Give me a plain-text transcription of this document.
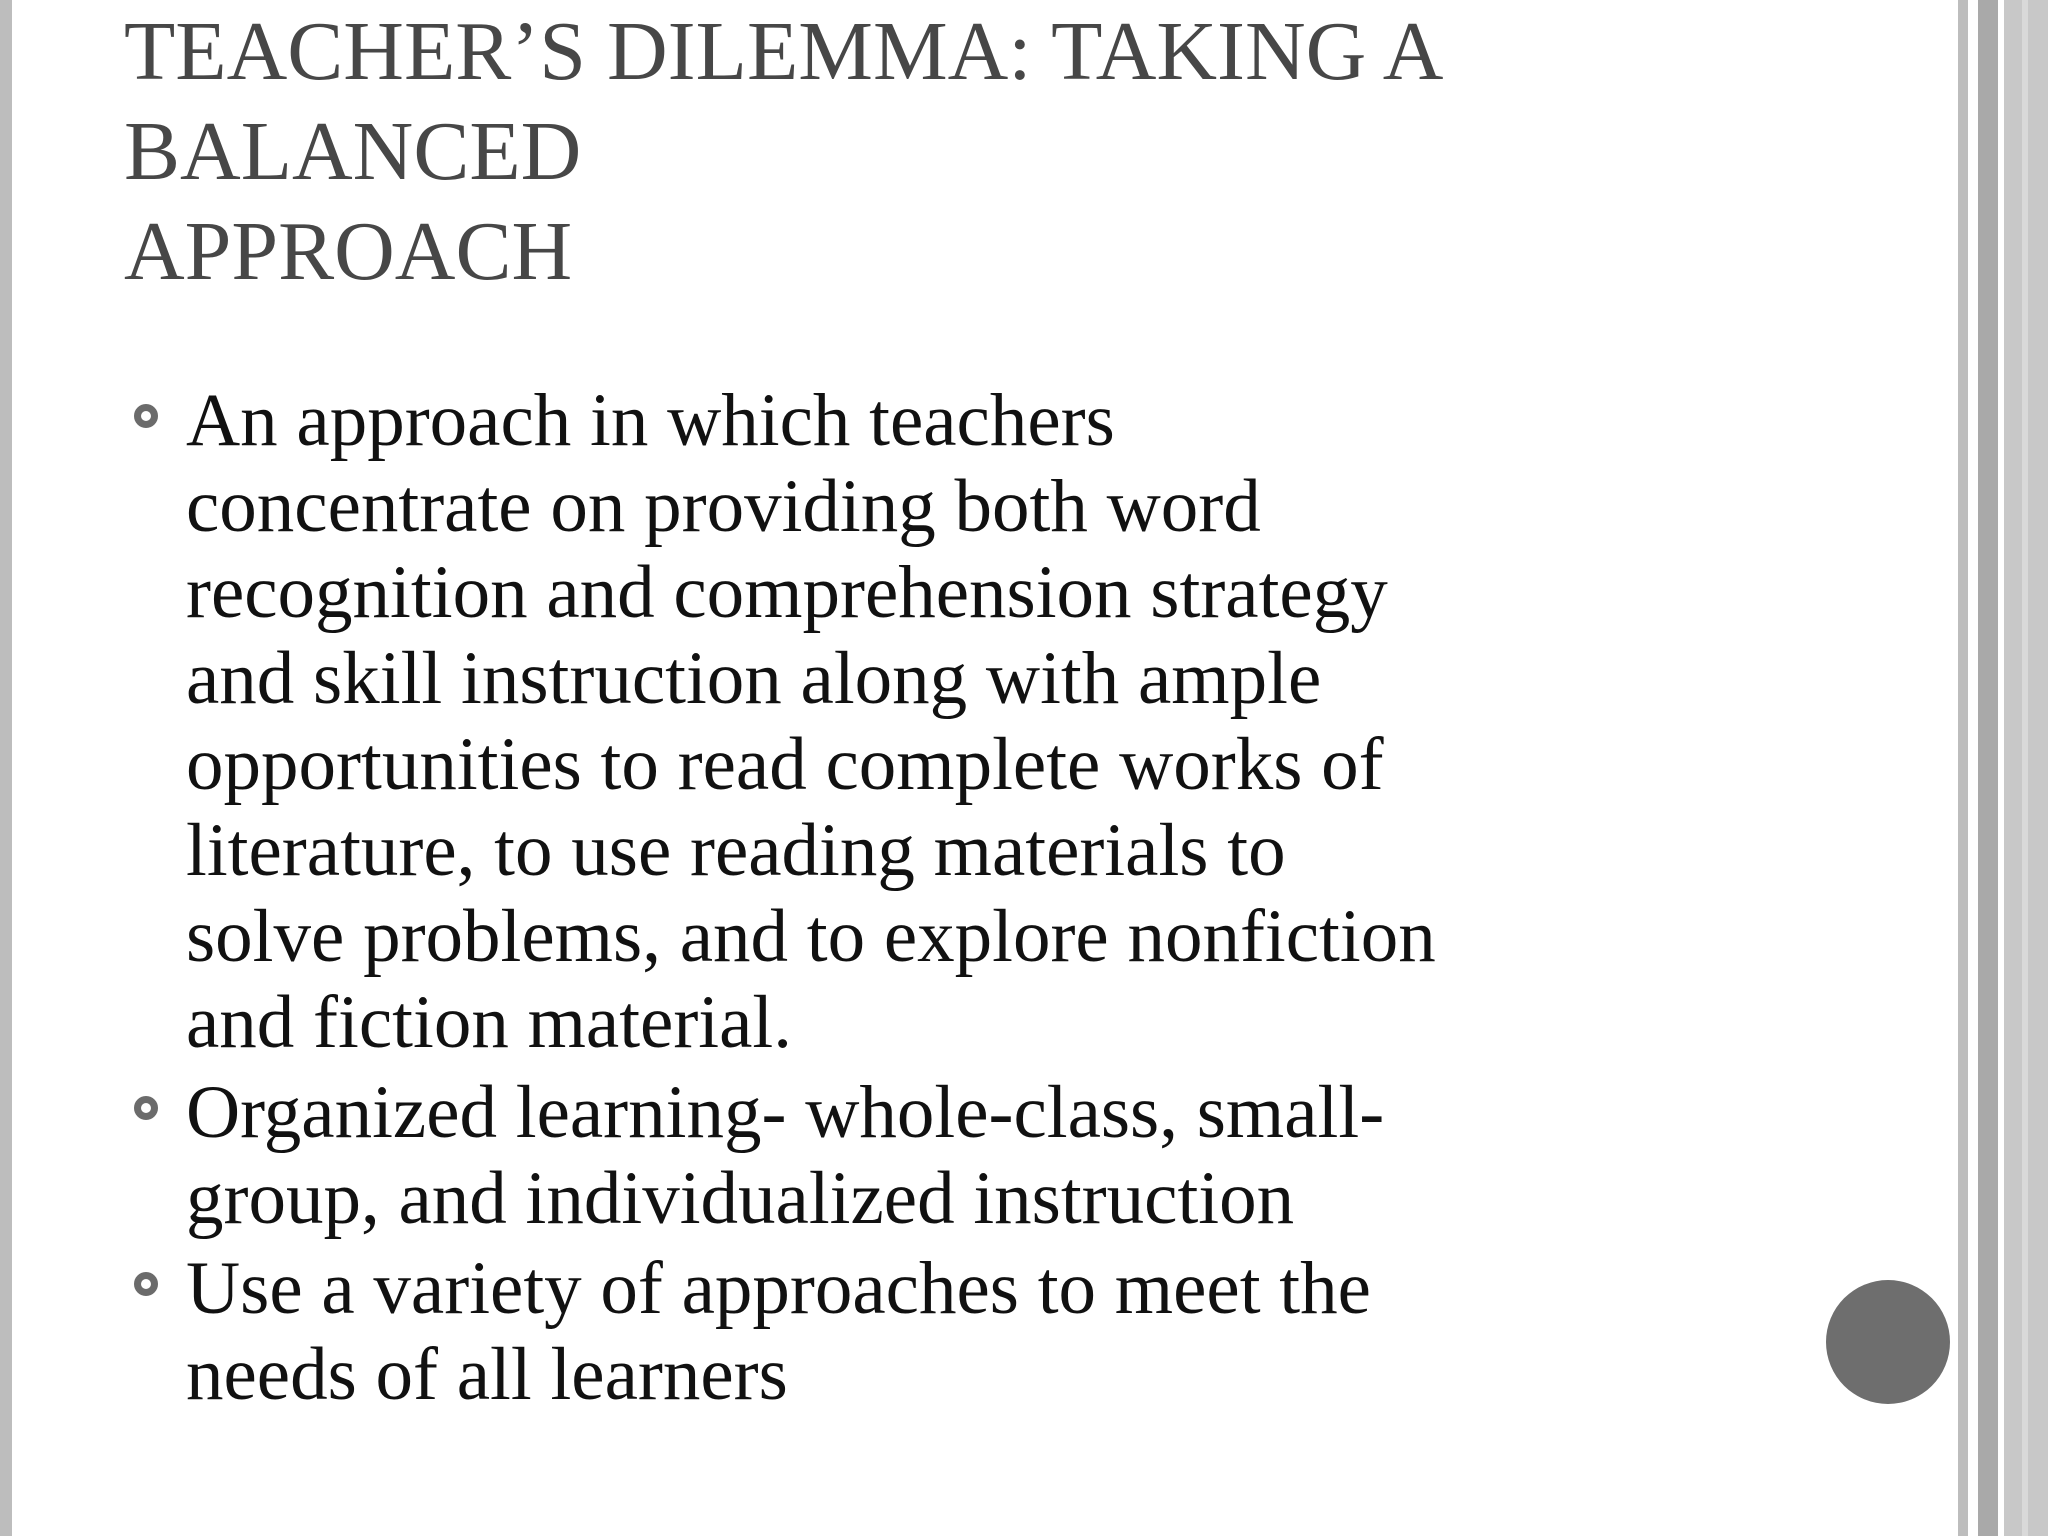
TEACHER’S DILEMMA: TAKING A
BALANCED
APPROACH
An approach in which teachers
concentrate on providing both word
recognition and comprehension strategy
and skill instruction along with ample
opportunities to read complete works of
literature, to use reading materials to
solve problems, and to explore nonfiction
and fiction material.
Organized learning- whole-class, small-
group, and individualized instruction
Use a variety of approaches to meet the
needs of all learners
